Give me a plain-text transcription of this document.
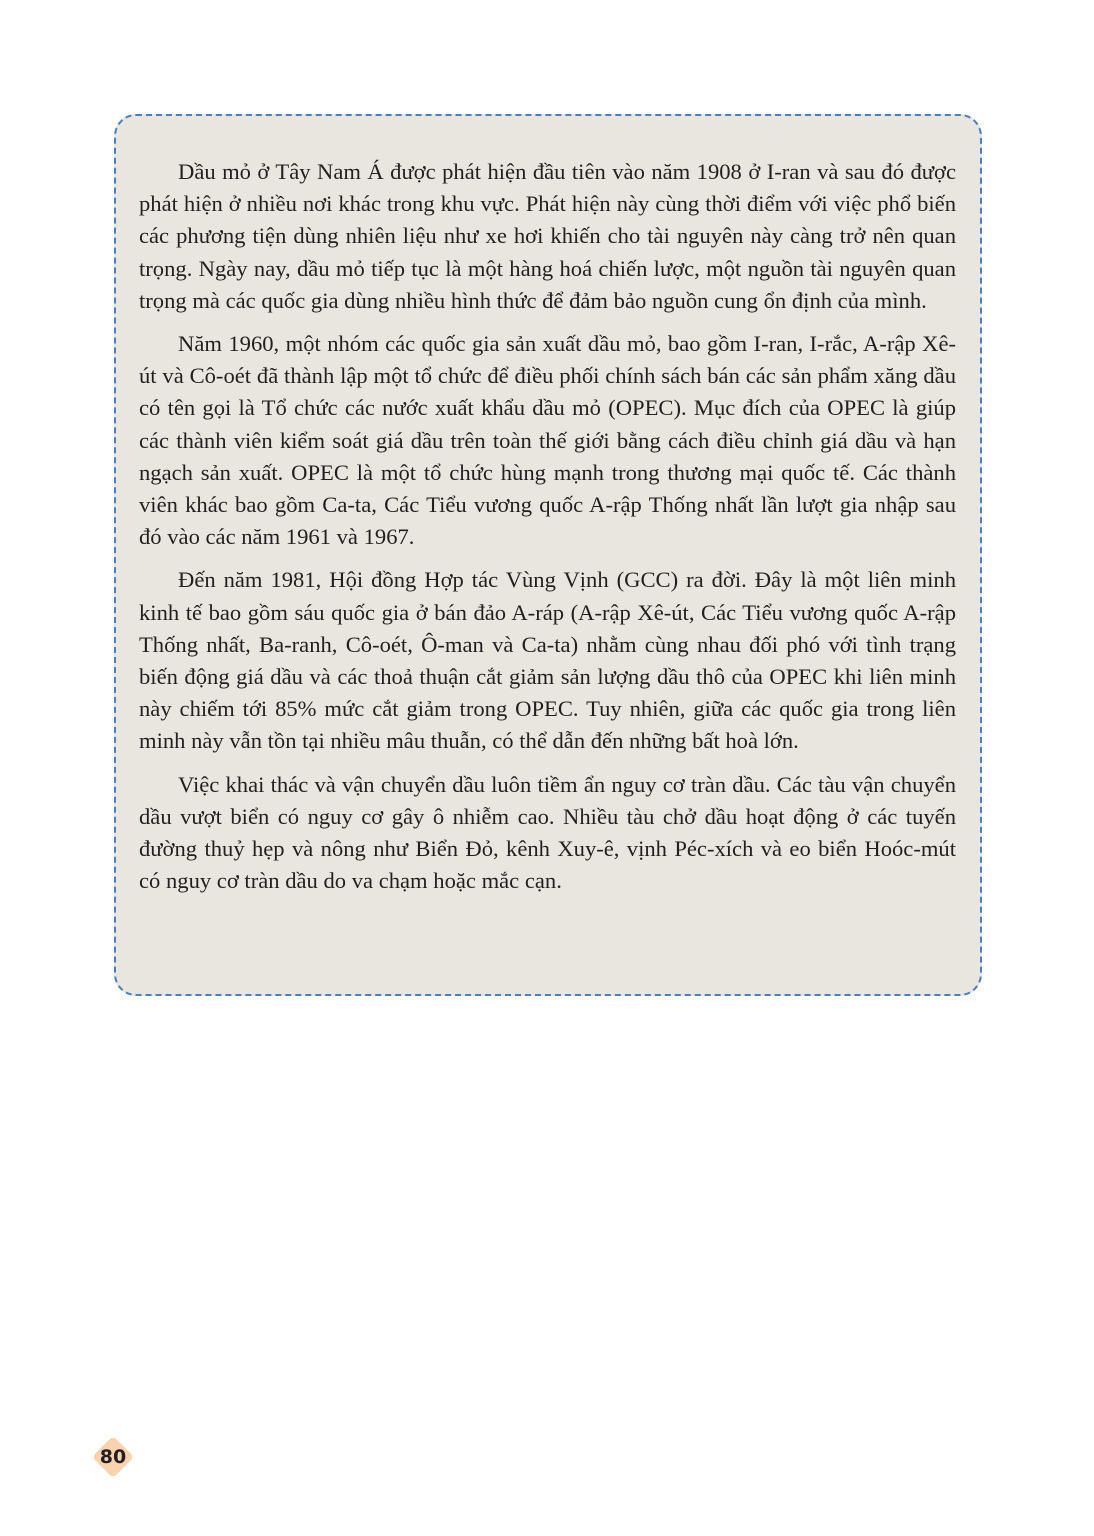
Dầu mỏ ở Tây Nam Á được phát hiện đầu tiên vào năm 1908 ở I-ran và sau đó được phát hiện ở nhiều nơi khác trong khu vực. Phát hiện này cùng thời điểm với việc phổ biến các phương tiện dùng nhiên liệu như xe hơi khiến cho tài nguyên này càng trở nên quan trọng. Ngày nay, dầu mỏ tiếp tục là một hàng hoá chiến lược, một nguồn tài nguyên quan trọng mà các quốc gia dùng nhiều hình thức để đảm bảo nguồn cung ổn định của mình.

Năm 1960, một nhóm các quốc gia sản xuất dầu mỏ, bao gồm I-ran, I-rắc, A-rập Xê-út và Cô-oét đã thành lập một tổ chức để điều phối chính sách bán các sản phẩm xăng dầu có tên gọi là Tổ chức các nước xuất khẩu dầu mỏ (OPEC). Mục đích của OPEC là giúp các thành viên kiểm soát giá dầu trên toàn thế giới bằng cách điều chỉnh giá dầu và hạn ngạch sản xuất. OPEC là một tổ chức hùng mạnh trong thương mại quốc tế. Các thành viên khác bao gồm Ca-ta, Các Tiểu vương quốc A-rập Thống nhất lần lượt gia nhập sau đó vào các năm 1961 và 1967.

Đến năm 1981, Hội đồng Hợp tác Vùng Vịnh (GCC) ra đời. Đây là một liên minh kinh tế bao gồm sáu quốc gia ở bán đảo A-ráp (A-rập Xê-út, Các Tiểu vương quốc A-rập Thống nhất, Ba-ranh, Cô-oét, Ô-man và Ca-ta) nhằm cùng nhau đối phó với tình trạng biến động giá dầu và các thoả thuận cắt giảm sản lượng dầu thô của OPEC khi liên minh này chiếm tới 85% mức cắt giảm trong OPEC. Tuy nhiên, giữa các quốc gia trong liên minh này vẫn tồn tại nhiều mâu thuẫn, có thể dẫn đến những bất hoà lớn.

Việc khai thác và vận chuyển dầu luôn tiềm ẩn nguy cơ tràn dầu. Các tàu vận chuyển dầu vượt biển có nguy cơ gây ô nhiễm cao. Nhiều tàu chở dầu hoạt động ở các tuyến đường thuỷ hẹp và nông như Biển Đỏ, kênh Xuy-ê, vịnh Péc-xích và eo biển Hoóc-mút có nguy cơ tràn dầu do va chạm hoặc mắc cạn.

80
